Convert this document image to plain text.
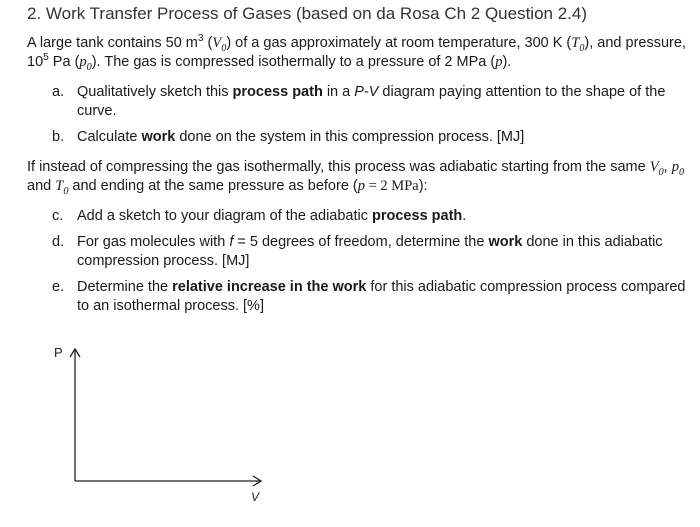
2. Work Transfer Process of Gases (based on da Rosa Ch 2 Question 2.4)
A large tank contains 50 $m^3$ $(V_0)$ of a gas approximately at room temperature, 300 K $(T_0)$, and pressure, $10^5$ Pa $(p_0)$. The gas is compressed isothermally to a pressure of 2 MPa (p).
a. Qualitatively sketch this process path in a P-V diagram paying attention to the shape of the curve.
b. Calculate work done on the system in this compression process. [MJ]
If instead of compressing the gas isothermally, this process was adiabatic starting from the same $V_0$, $p_0$ and $T_0$ and ending at the same pressure as before (p = 2 MPa):
c. Add a sketch to your diagram of the adiabatic process path.
d. For gas molecules with f = 5 degrees of freedom, determine the work done in this adiabatic compression process. [MJ]
e. Determine the relative increase in the work for this adiabatic compression process compared to an isothermal process. [%]
P
V
